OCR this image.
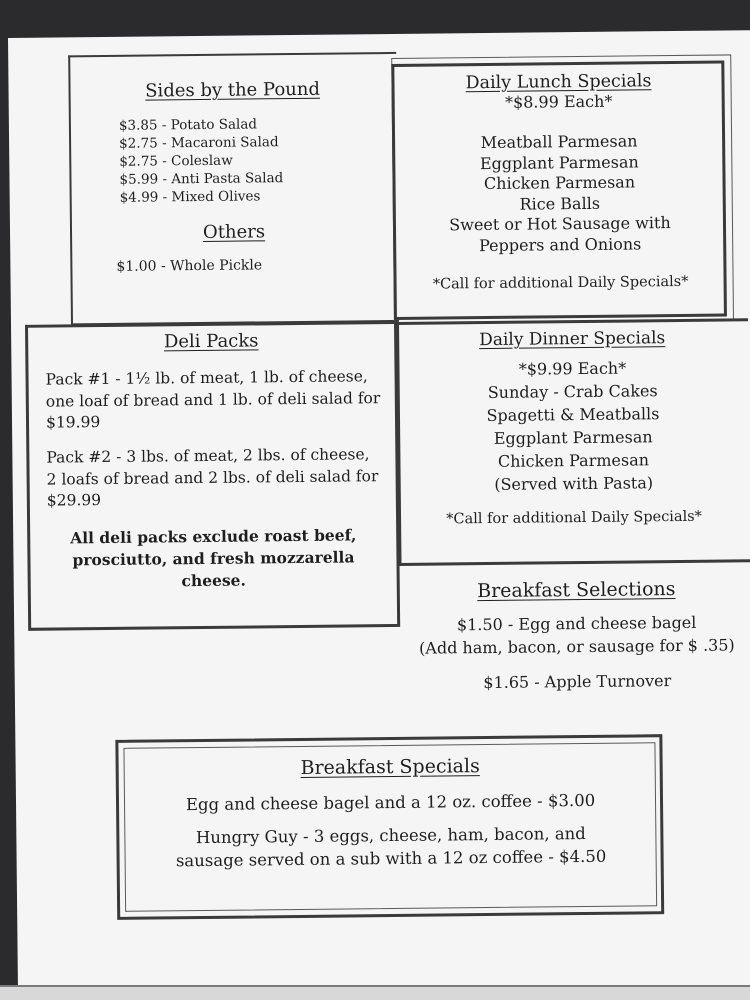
Sides by the Pound
$3.85 - Potato Salad
$2.75 - Macaroni Salad
$2.75 - Coleslaw
$5.99 - Anti Pasta Salad
$4.99 - Mixed Olives
Others
$1.00 - Whole Pickle
Daily Lunch Specials
*$8.99 Each*
Meatball Parmesan
Eggplant Parmesan
Chicken Parmesan
Rice Balls
Sweet or Hot Sausage with
Peppers and Onions
*Call for additional Daily Specials*
Deli Packs
Pack #1 - 1½ lb. of meat, 1 lb. of cheese, one loaf of bread and 1 lb. of deli salad for $19.99
Pack #2 - 3 lbs. of meat, 2 lbs. of cheese, 2 loafs of bread and 2 lbs. of deli salad for $29.99
All deli packs exclude roast beef, prosciutto, and fresh mozzarella cheese.
Daily Dinner Specials
*$9.99 Each*
Sunday - Crab Cakes
Spagetti & Meatballs
Eggplant Parmesan
Chicken Parmesan
(Served with Pasta)
*Call for additional Daily Specials*
Breakfast Selections
$1.50 - Egg and cheese bagel
(Add ham, bacon, or sausage for $ .35)
$1.65 - Apple Turnover
Breakfast Specials
Egg and cheese bagel and a 12 oz. coffee - $3.00
Hungry Guy - 3 eggs, cheese, ham, bacon, and
sausage served on a sub with a 12 oz coffee - $4.50
